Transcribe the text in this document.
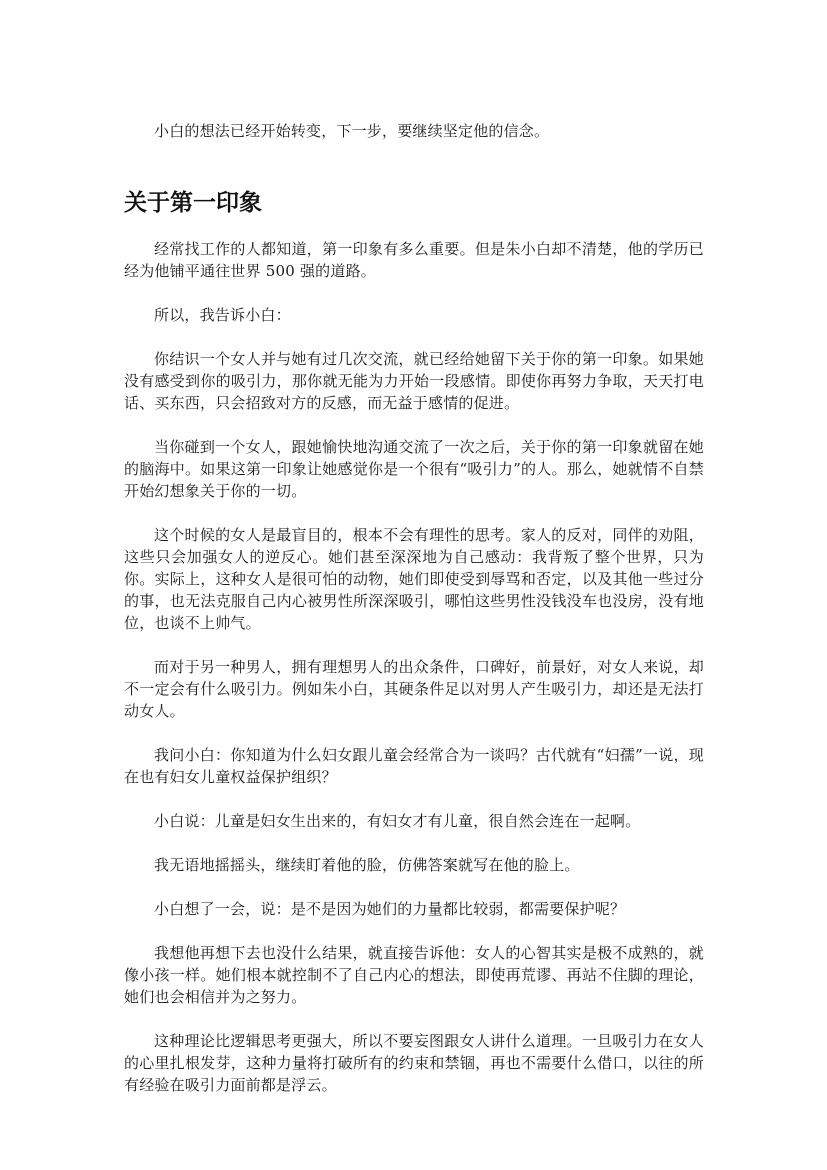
小白的想法已经开始转变，下一步，要继续坚定他的信念。

关于第一印象

经常找工作的人都知道，第一印象有多么重要。但是朱小白却不清楚，他的学历已经为他铺平通往世界 500 强的道路。

所以，我告诉小白：

你结识一个女人并与她有过几次交流，就已经给她留下关于你的第一印象。如果她没有感受到你的吸引力，那你就无能为力开始一段感情。即使你再努力争取，天天打电话、买东西，只会招致对方的反感，而无益于感情的促进。

当你碰到一个女人，跟她愉快地沟通交流了一次之后，关于你的第一印象就留在她的脑海中。如果这第一印象让她感觉你是一个很有“吸引力”的人。那么，她就情不自禁开始幻想象关于你的一切。

这个时候的女人是最盲目的，根本不会有理性的思考。家人的反对，同伴的劝阻，这些只会加强女人的逆反心。她们甚至深深地为自己感动：我背叛了整个世界，只为你。实际上，这种女人是很可怕的动物，她们即使受到辱骂和否定，以及其他一些过分的事，也无法克服自己内心被男性所深深吸引，哪怕这些男性没钱没车也没房，没有地位，也谈不上帅气。

而对于另一种男人，拥有理想男人的出众条件，口碑好，前景好，对女人来说，却不一定会有什么吸引力。例如朱小白，其硬条件足以对男人产生吸引力，却还是无法打动女人。

我问小白：你知道为什么妇女跟儿童会经常合为一谈吗？古代就有“妇孺”一说，现在也有妇女儿童权益保护组织？

小白说：儿童是妇女生出来的，有妇女才有儿童，很自然会连在一起啊。

我无语地摇摇头，继续盯着他的脸，仿佛答案就写在他的脸上。

小白想了一会，说：是不是因为她们的力量都比较弱，都需要保护呢？

我想他再想下去也没什么结果，就直接告诉他：女人的心智其实是极不成熟的，就像小孩一样。她们根本就控制不了自己内心的想法，即使再荒谬、再站不住脚的理论，她们也会相信并为之努力。

这种理论比逻辑思考更强大，所以不要妄图跟女人讲什么道理。一旦吸引力在女人的心里扎根发芽，这种力量将打破所有的约束和禁锢，再也不需要什么借口，以往的所有经验在吸引力面前都是浮云。
